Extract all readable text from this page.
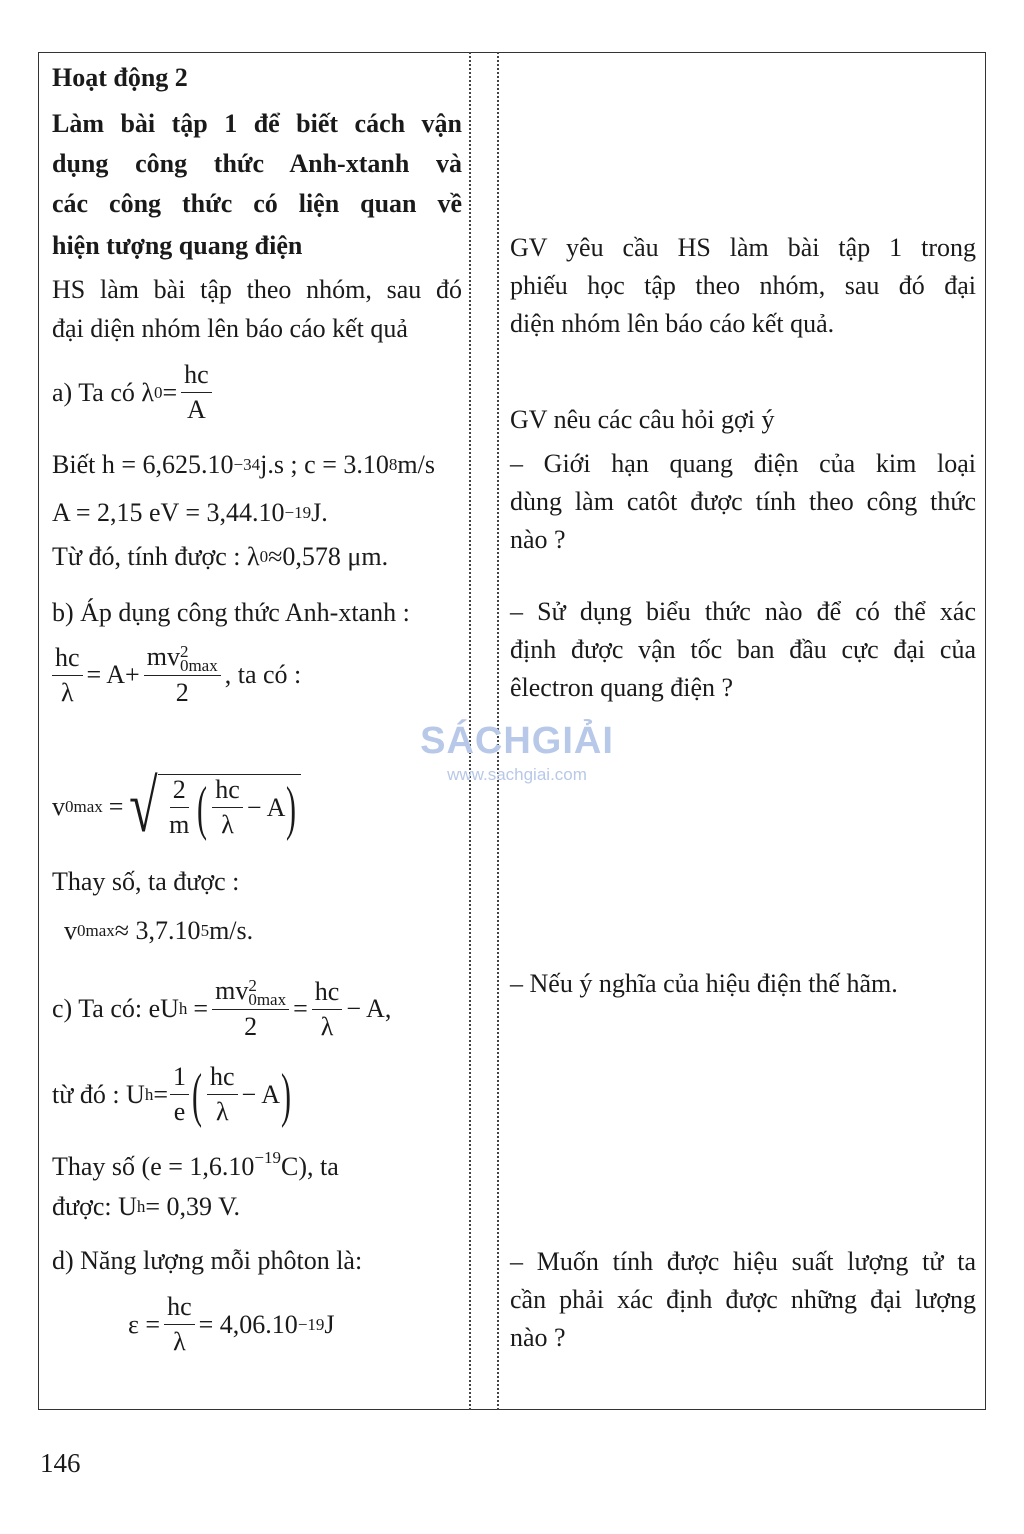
Hoạt động 2
Làm bài tập 1 để biết cách vận
dụng công thức Anh-xtanh và
các công thức có liện quan về
hiện tượng quang điện
HS làm bài tập theo nhóm, sau đó
đại diện nhóm lên báo cáo kết quả
a) Ta có
λ $0 = \frac{hc}{A}$
Biết h = 6,625.10 −34 j.s ; c = 3.10 8 m/s
A = 2,15 eV = 3,44.10 −19 J.
Từ đó, tính được : λ 0 ≈0,578 μm.
b) Áp dụng công thức Anh-xtanh :
$\frac{hc}{\lambda} = A+$ mv 2
0max
2 , ta có :
v 0max = √ $\frac{2}{m}$ ( $\frac{hc}{\lambda} - A$ )
Thay số, ta được :
v 0max ≈ 3,7.10 5 m/s.
c) Ta có: eU h = mv 2
0max
$2 = \frac{hc}{\lambda} - A$,
từ đó : U $h = \frac{1}{e}$ ( $\frac{hc}{\lambda} - A$ )
Thay số $(e = 1,6.10^{-19}C)$, ta
được: U h = 0,39 V.
d) Năng lượng mỗi phôton là:
$\varepsilon = \frac{hc}{\lambda} = 4,06.10 -19$ J
GV yêu cầu HS làm bài tập 1 trong
phiếu học tập theo nhóm, sau đó đại
diện nhóm lên báo cáo kết quả.
GV nêu các câu hỏi gợi ý
– Giới hạn quang điện của kim loại
dùng làm catôt được tính theo công thức
nào ?
– Sử dụng biểu thức nào để có thể xác
định được vận tốc ban đầu cực đại của
êlectron quang điện ?
– Nếu ý nghĩa của hiệu điện thế hãm.
– Muốn tính được hiệu suất lượng tử ta
cần phải xác định được những đại lượng
nào ?
SÁCHGIẢI
www.sachgiai.com
146
